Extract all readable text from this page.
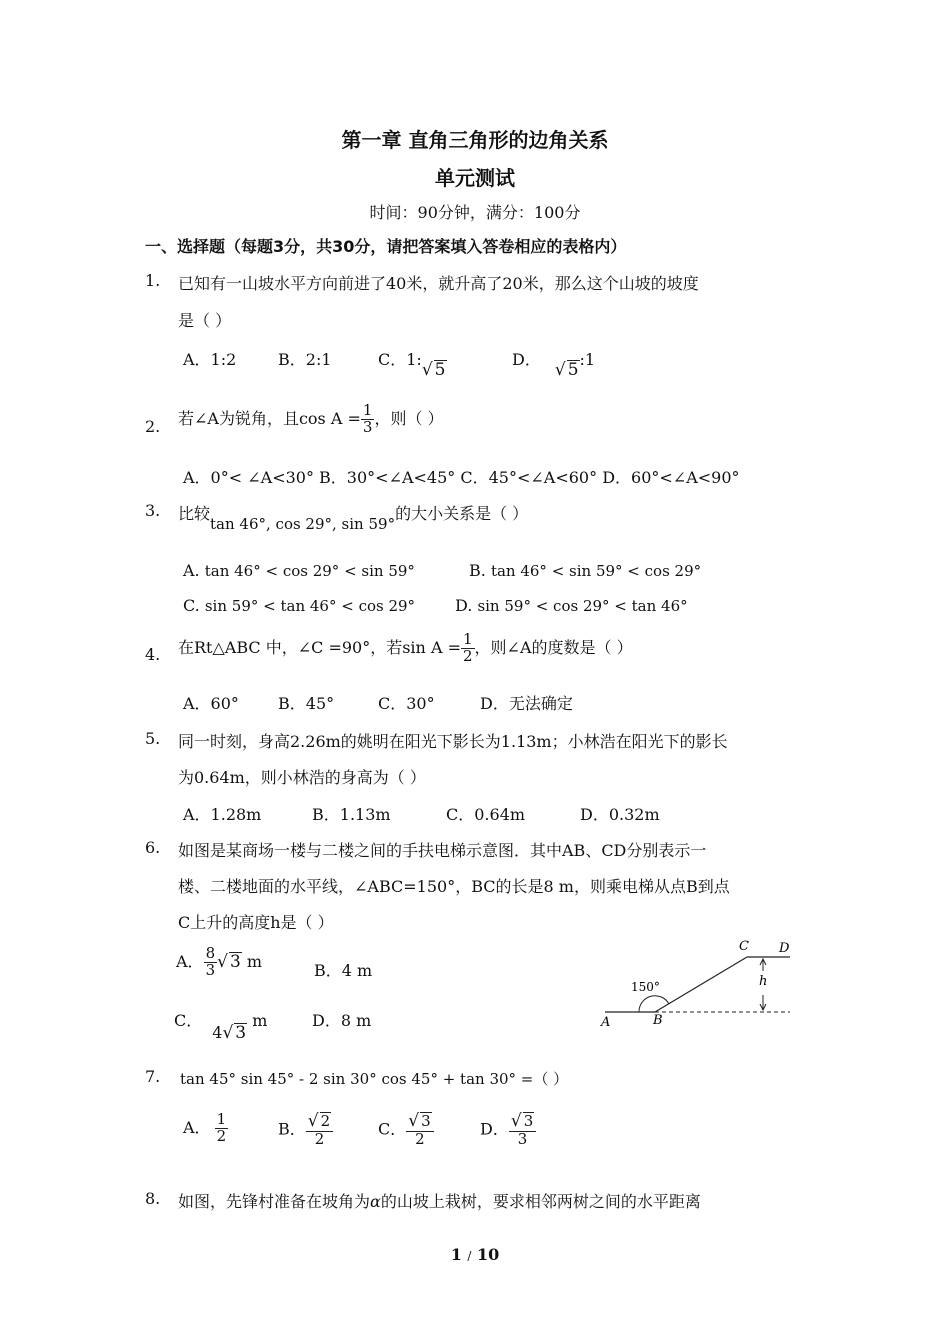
第一章 直角三角形的边角关系
单元测试
时间：90分钟，满分：100分
一、选择题（每题3分，共30分，请把答案填入答卷相应的表格内）
1. 已知有一山坡水平方向前进了40米，就升高了20米，那么这个山坡的坡度
是（ ）
A．1:2	B．2:1	C．1:√ 5
D．√ 5:1
2. 若∠A为锐角，且$\cos A = \frac{1}{3}$ ，则（ ）
A．0°< ∠A<30° B．30°<∠A<45° C．45°<∠A<60° D．60°<∠A<90°
3. 比较tan 46°, cos 29°, sin 59°的大小关系是（ ）
A. tan 46° < cos 29° < sin 59°	B. tan 46° < sin 59° < cos 29°
C. sin 59° < tan 46° < cos 29° D. sin 59° < cos 29° < tan 46°
4. 在Rt△ABC 中，∠C =90°，若$\sin A = \frac{1}{2}$ ，则∠A的度数是（ ）
A．60° B．45°	C．30°	D．无法确定
5. 同一时刻，身高2.26m的姚明在阳光下影长为1.13m；小林浩在阳光下的影长
为0.64m，则小林浩的身高为（ ）
A．1.28m	B．1.13m	C．0.64m	D．0.32m
6. 如图是某商场一楼与二楼之间的手扶电梯示意图．其中AB、CD分别表示一
楼、二楼地面的水平线，∠ABC=150°，BC的长是8 m，则乘电梯从点B到点
C上升的高度h是（ ）
A． $\frac{8}{3}$ √ 3 m	B．4 m
C．4√ 3 m	D．8 m
C D
h
150°
A	B
7. tan 45° sin 45° - 2 sin 30° cos 45° + tan 30° =（ ）
A． $\frac{1}{2}$	B． $\frac{√ 2}{2}$	C． $\frac{√ 3}{2}$	D． $\frac{√ 3}{3}$
8. 如图，先锋村准备在坡角为α的山坡上栽树，要求相邻两树之间的水平距离
1 / 10
